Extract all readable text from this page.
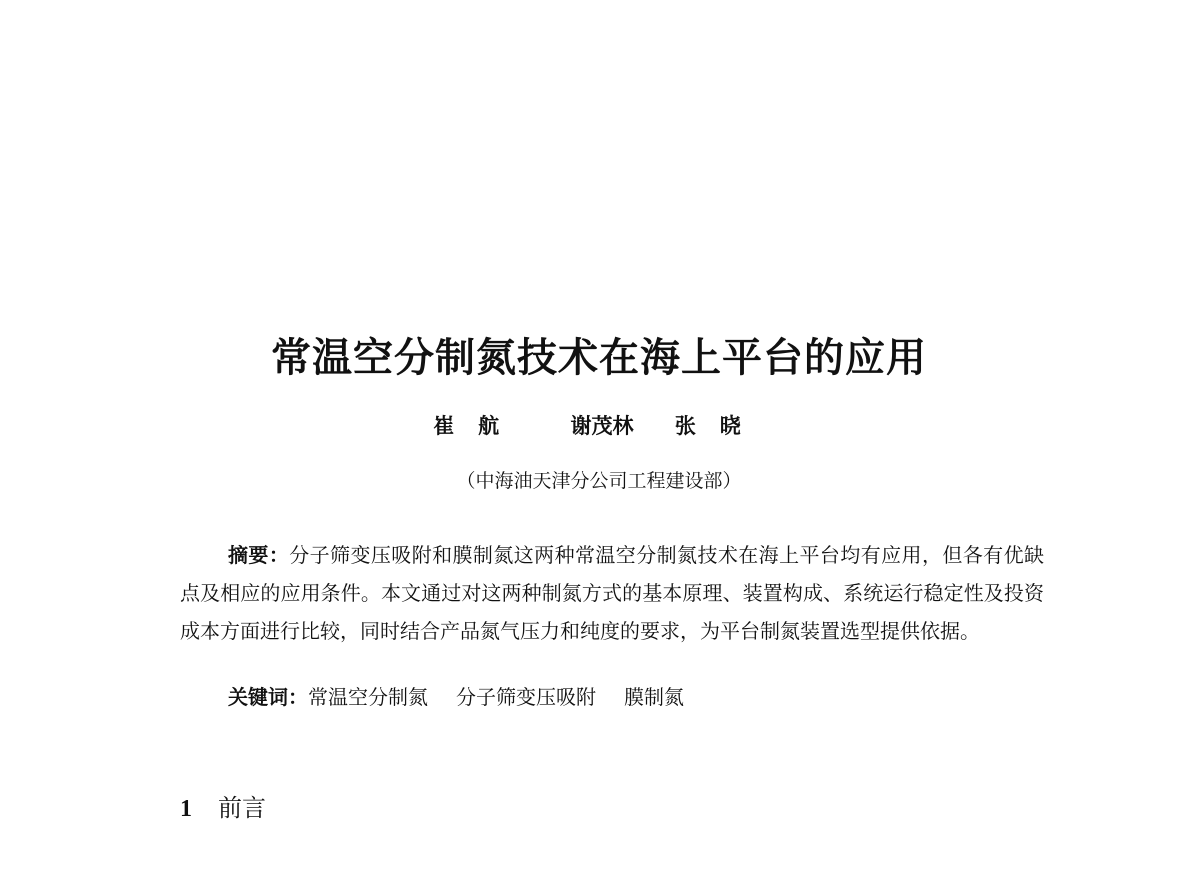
常温空分制氮技术在海上平台的应用
崔航 谢茂林 张晓
（中海油天津分公司工程建设部）

摘要：分子筛变压吸附和膜制氮这两种常温空分制氮技术在海上平台均有应用，但各有优缺点及相应的应用条件。本文通过对这两种制氮方式的基本原理、装置构成、系统运行稳定性及投资成本方面进行比较，同时结合产品氮气压力和纯度的要求，为平台制氮装置选型提供依据。

关键词：常温空分制氮 分子筛变压吸附 膜制氮
1 前言
